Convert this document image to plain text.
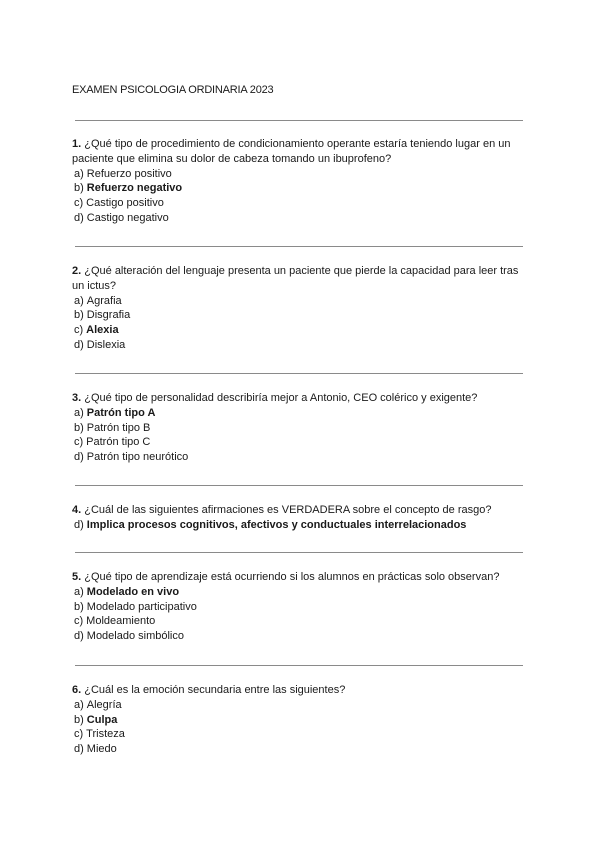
EXAMEN PSICOLOGIA ORDINARIA 2023

1. ¿Qué tipo de procedimiento de condicionamiento operante estaría teniendo lugar en un paciente que elimina su dolor de cabeza tomando un ibuprofeno?

a) Refuerzo positivo
b) Refuerzo negativo
c) Castigo positivo
d) Castigo negativo

2. ¿Qué alteración del lenguaje presenta un paciente que pierde la capacidad para leer tras un ictus?

a) Agrafia
b) Disgrafia
c) Alexia
d) Dislexia

3. ¿Qué tipo de personalidad describiría mejor a Antonio, CEO colérico y exigente?

a) Patrón tipo A
b) Patrón tipo B
c) Patrón tipo C
d) Patrón tipo neurótico

4. ¿Cuál de las siguientes afirmaciones es VERDADERA sobre el concepto de rasgo?

d) Implica procesos cognitivos, afectivos y conductuales interrelacionados

5. ¿Qué tipo de aprendizaje está ocurriendo si los alumnos en prácticas solo observan?

a) Modelado en vivo
b) Modelado participativo
c) Moldeamiento
d) Modelado simbólico

6. ¿Cuál es la emoción secundaria entre las siguientes?

a) Alegría
b) Culpa
c) Tristeza
d) Miedo
